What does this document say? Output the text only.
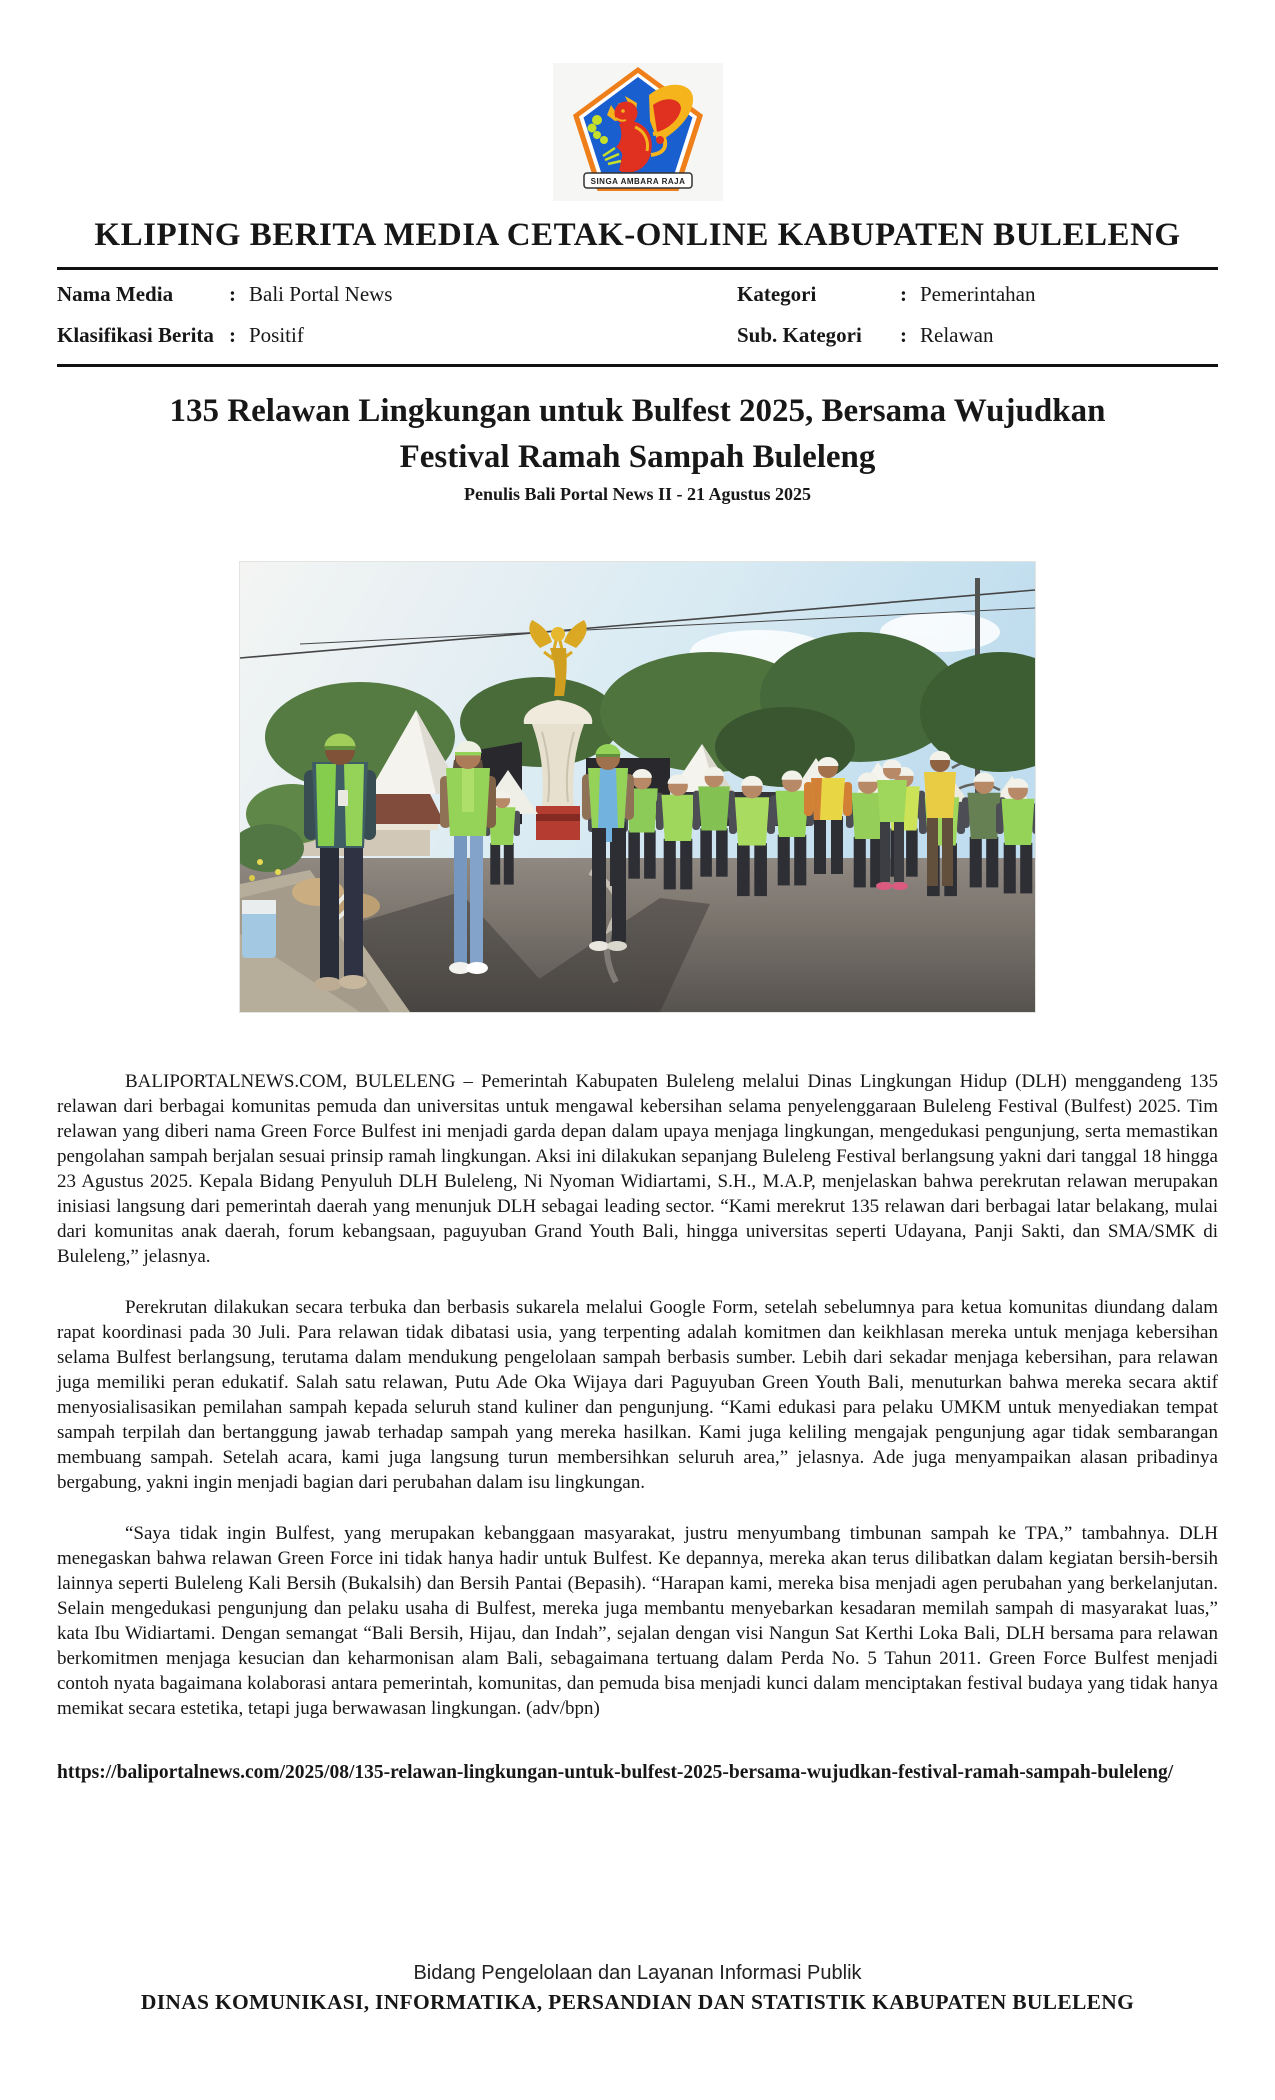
SINGA AMBARA RAJA
KLIPING BERITA MEDIA CETAK-ONLINE KABUPATEN BULELENG
Nama Media	: Bali Portal News	Kategori	: Pemerintahan
Klasifikasi Berita : Positif	Sub. Kategori	: Relawan
135 Relawan Lingkungan untuk Bulfest 2025, Bersama Wujudkan
Festival Ramah Sampah Buleleng
Penulis Bali Portal News II - 21 Agustus 2025

BALIPORTALNEWS.COM, BULELENG – Pemerintah Kabupaten Buleleng melalui Dinas Lingkungan Hidup (DLH) menggandeng 135 relawan dari berbagai komunitas pemuda dan universitas untuk mengawal kebersihan selama penyelenggaraan Buleleng Festival (Bulfest) 2025. Tim relawan yang diberi nama Green Force Bulfest ini menjadi garda depan dalam upaya menjaga lingkungan, mengedukasi pengunjung, serta memastikan pengolahan sampah berjalan sesuai prinsip ramah lingkungan. Aksi ini dilakukan sepanjang Buleleng Festival berlangsung yakni dari tanggal 18 hingga 23 Agustus 2025. Kepala Bidang Penyuluh DLH Buleleng, Ni Nyoman Widiartami, S.H., M.A.P, menjelaskan bahwa perekrutan relawan merupakan inisiasi langsung dari pemerintah daerah yang menunjuk DLH sebagai leading sector. “Kami merekrut 135 relawan dari berbagai latar belakang, mulai dari komunitas anak daerah, forum kebangsaan, paguyuban Grand Youth Bali, hingga universitas seperti Udayana, Panji Sakti, dan SMA/SMK di Buleleng,” jelasnya.

Perekrutan dilakukan secara terbuka dan berbasis sukarela melalui Google Form, setelah sebelumnya para ketua komunitas diundang dalam rapat koordinasi pada 30 Juli. Para relawan tidak dibatasi usia, yang terpenting adalah komitmen dan keikhlasan mereka untuk menjaga kebersihan selama Bulfest berlangsung, terutama dalam mendukung pengelolaan sampah berbasis sumber. Lebih dari sekadar menjaga kebersihan, para relawan juga memiliki peran edukatif. Salah satu relawan, Putu Ade Oka Wijaya dari Paguyuban Green Youth Bali, menuturkan bahwa mereka secara aktif menyosialisasikan pemilahan sampah kepada seluruh stand kuliner dan pengunjung. “Kami edukasi para pelaku UMKM untuk menyediakan tempat sampah terpilah dan bertanggung jawab terhadap sampah yang mereka hasilkan. Kami juga keliling mengajak pengunjung agar tidak sembarangan membuang sampah. Setelah acara, kami juga langsung turun membersihkan seluruh area,” jelasnya. Ade juga menyampaikan alasan pribadinya bergabung, yakni ingin menjadi bagian dari perubahan dalam isu lingkungan.

“Saya tidak ingin Bulfest, yang merupakan kebanggaan masyarakat, justru menyumbang timbunan sampah ke TPA,” tambahnya. DLH menegaskan bahwa relawan Green Force ini tidak hanya hadir untuk Bulfest. Ke depannya, mereka akan terus dilibatkan dalam kegiatan bersih-bersih lainnya seperti Buleleng Kali Bersih (Bukalsih) dan Bersih Pantai (Bepasih). “Harapan kami, mereka bisa menjadi agen perubahan yang berkelanjutan. Selain mengedukasi pengunjung dan pelaku usaha di Bulfest, mereka juga membantu menyebarkan kesadaran memilah sampah di masyarakat luas,” kata Ibu Widiartami. Dengan semangat “Bali Bersih, Hijau, dan Indah”, sejalan dengan visi Nangun Sat Kerthi Loka Bali, DLH bersama para relawan berkomitmen menjaga kesucian dan keharmonisan alam Bali, sebagaimana tertuang dalam Perda No. 5 Tahun 2011. Green Force Bulfest menjadi contoh nyata bagaimana kolaborasi antara pemerintah, komunitas, dan pemuda bisa menjadi kunci dalam menciptakan festival budaya yang tidak hanya memikat secara estetika, tetapi juga berwawasan lingkungan. (adv/bpn)

https://baliportalnews.com/2025/08/135-relawan-lingkungan-untuk-bulfest-2025-bersama-wujudkan-festival-ramah-sampah-buleleng/
Bidang Pengelolaan dan Layanan Informasi Publik
DINAS KOMUNIKASI, INFORMATIKA, PERSANDIAN DAN STATISTIK KABUPATEN BULELENG
